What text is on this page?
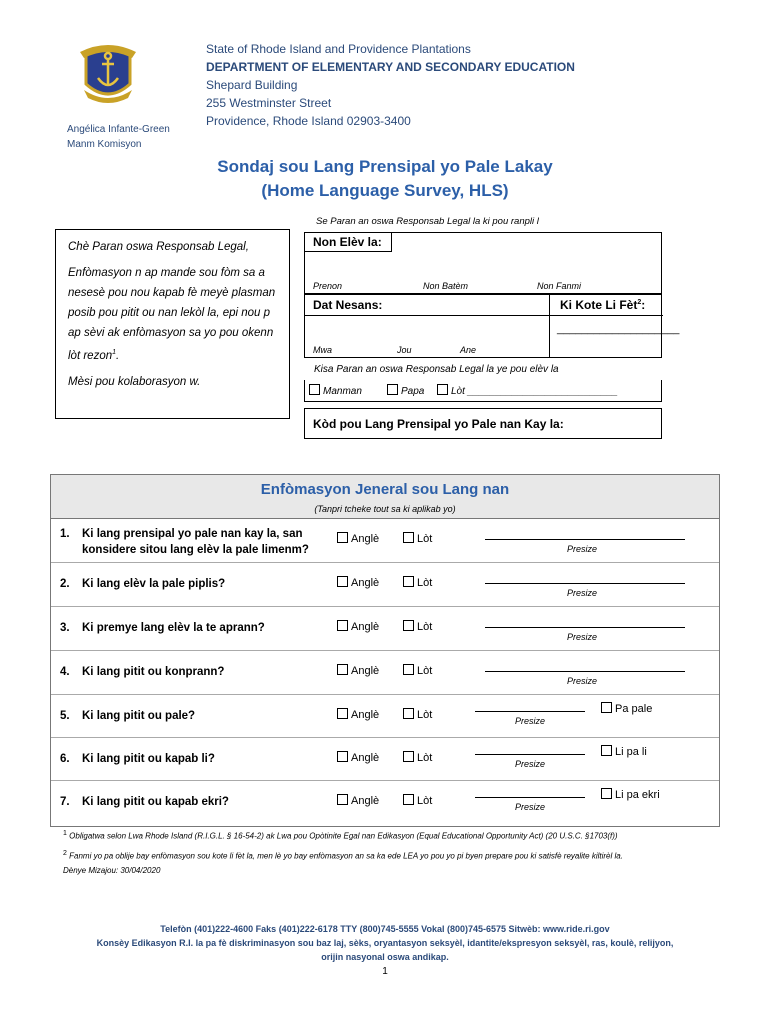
Angélica Infante-Green
Manm Komisyon
State of Rhode Island and Providence Plantations
DEPARTMENT OF ELEMENTARY AND SECONDARY EDUCATION
Shepard Building
255 Westminster Street
Providence, Rhode Island 02903-3400
Sondaj sou Lang Prensipal yo Pale Lakay
(Home Language Survey, HLS)
Se Paran an oswa Responsab Legal la ki pou ranpli l

Chè Paran oswa Responsab Legal,

Enfòmasyon n ap mande sou fòm sa a nesesè pou nou kapab fè meyè plasman posib pou pitit ou nan lekòl la, epi nou p ap sèvi ak enfòmasyon sa yo pou okenn lòt rezon$^1$.

Mèsi pou kolaborasyon w.

Non Elèv la:
Prenon	Non Batèm	Non Fanmi
Dat Nesans:	Ki Kote Li Fèt$^2$:
____________________
Mwa	Jou	Ane
Kisa Paran an oswa Responsab Legal la ye pou elèv la
Manman	Papa	Lòt ___________________________
Kòd pou Lang Prensipal yo Pale nan Kay la:
Enfòmasyon Jeneral sou Lang nan
(Tanpri tcheke tout sa ki aplikab yo)
1. Ki lang prensipal yo pale nan kay la, san
konsidere sitou lang elèv la pale limenm?
Anglè	Lòt
Presize
2. Ki lang elèv la pale piplis?	Anglè	Lòt
Presize
3. Ki premye lang elèv la te aprann?	Anglè	Lòt
Presize
4. Ki lang pitit ou konprann?	Anglè	Lòt
Presize
5. Ki lang pitit ou pale?	Anglè	Lòt	Presize
Pa pale
6. Ki lang pitit ou kapab li?	Anglè	Lòt	Presize
Li pa li
7. Ki lang pitit ou kapab ekri?	Anglè	Lòt	Presize
Li pa ekri
$^1$ Obligatwa selon Lwa Rhode Island (R.I.G.L. § 16-54-2) ak Lwa pou Opòtinite Egal nan Edikasyon (Equal Educational Opportunity Act) (20 U.S.C. §1703(f))
$^2$ Fanmi yo pa oblije bay enfòmasyon sou kote li fèt la, men lè yo bay enfòmasyon an sa ka ede LEA yo pou yo pi byen prepare pou ki satisfè reyalite kiltirèl la.
Dènye Mizajou: 30/04/2020
Telefòn (401)222-4600 Faks (401)222-6178 TTY (800)745-5555 Vokal (800)745-6575 Sitwèb: www.ride.ri.gov
Konsèy Edikasyon R.I. la pa fè diskriminasyon sou baz laj, sèks, oryantasyon seksyèl, idantite/ekspresyon seksyèl, ras, koulè, relijyon,
orijin nasyonal oswa andikap.
1
